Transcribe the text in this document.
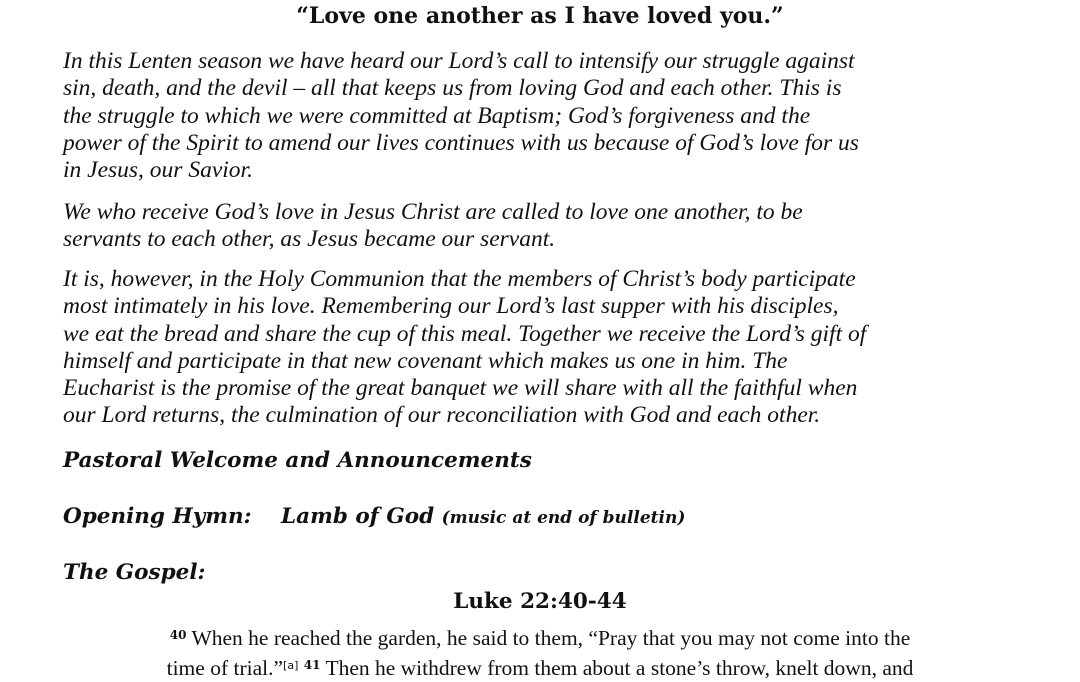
“Love one another as I have loved you.”
In this Lenten season we have heard our Lord’s call to intensify our struggle against
sin, death, and the devil – all that keeps us from loving God and each other. This is
the struggle to which we were committed at Baptism; God’s forgiveness and the
power of the Spirit to amend our lives continues with us because of God’s love for us
in Jesus, our Savior.
We who receive God’s love in Jesus Christ are called to love one another, to be
servants to each other, as Jesus became our servant.
It is, however, in the Holy Communion that the members of Christ’s body participate
most intimately in his love. Remembering our Lord’s last supper with his disciples,
we eat the bread and share the cup of this meal. Together we receive the Lord’s gift of
himself and participate in that new covenant which makes us one in him. The
Eucharist is the promise of the great banquet we will share with all the faithful when
our Lord returns, the culmination of our reconciliation with God and each other.
Pastoral Welcome and Announcements
Opening Hymn: Lamb of God (music at end of bulletin)
The Gospel:
Luke 22:40-44
$^{40}$ When he reached the garden, he said to them, “Pray that you may not come into the
time of trial.”[a] $^{41}$ Then he withdrew from them about a stone’s throw, knelt down, and
